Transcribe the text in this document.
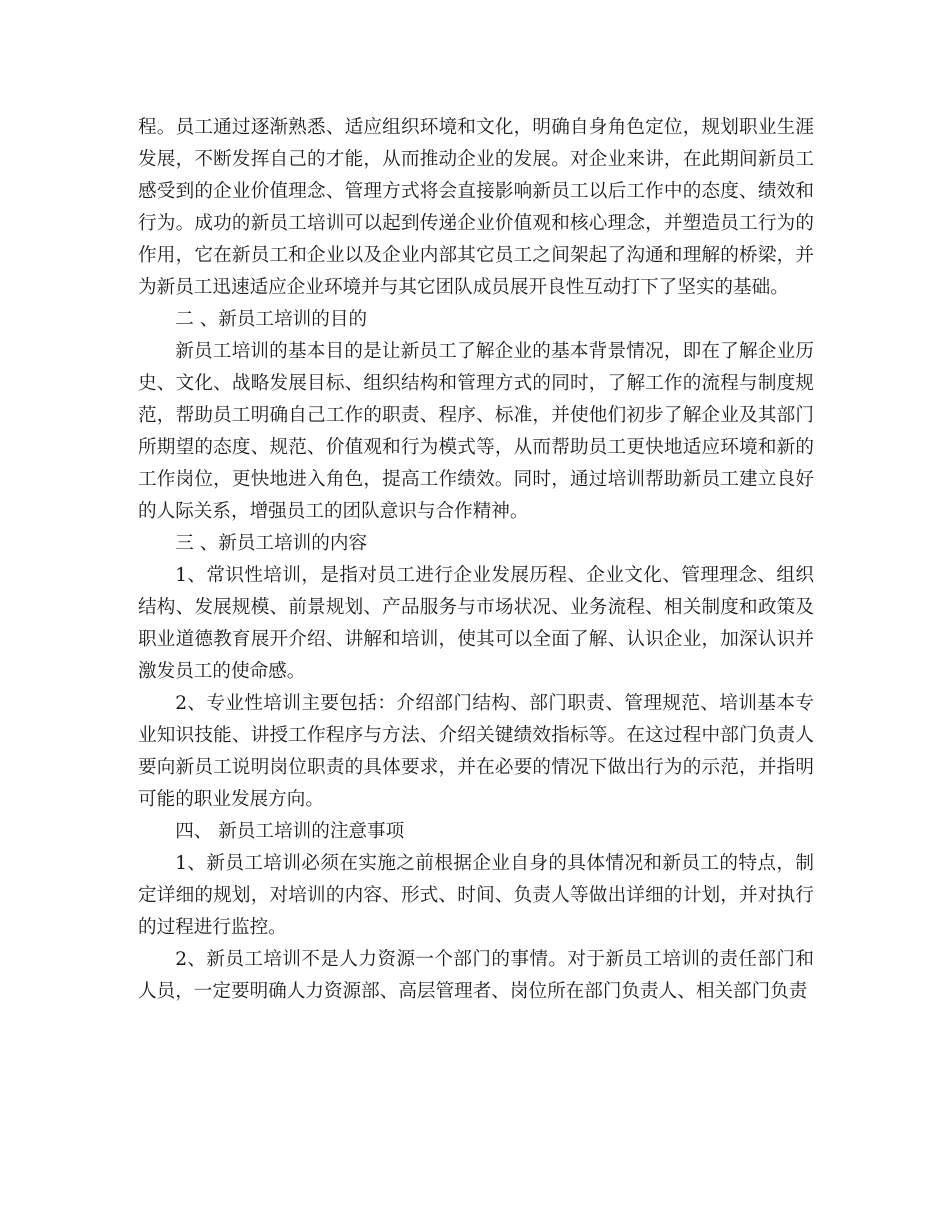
程。员工通过逐渐熟悉、适应组织环境和文化，明确自身角色定位，规划职业生涯发展，不断发挥自己的才能，从而推动企业的发展。对企业来讲，在此期间新员工感受到的企业价值理念、管理方式将会直接影响新员工以后工作中的态度、绩效和行为。成功的新员工培训可以起到传递企业价值观和核心理念，并塑造员工行为的作用，它在新员工和企业以及企业内部其它员工之间架起了沟通和理解的桥梁，并为新员工迅速适应企业环境并与其它团队成员展开良性互动打下了坚实的基础。

二 、新员工培训的目的

新员工培训的基本目的是让新员工了解企业的基本背景情况，即在了解企业历史、文化、战略发展目标、组织结构和管理方式的同时，了解工作的流程与制度规范，帮助员工明确自己工作的职责、程序、标准，并使他们初步了解企业及其部门所期望的态度、规范、价值观和行为模式等，从而帮助员工更快地适应环境和新的工作岗位，更快地进入角色，提高工作绩效。同时，通过培训帮助新员工建立良好的人际关系，增强员工的团队意识与合作精神。

三 、新员工培训的内容

1、常识性培训，是指对员工进行企业发展历程、企业文化、管理理念、组织结构、发展规模、前景规划、产品服务与市场状况、业务流程、相关制度和政策及职业道德教育展开介绍、讲解和培训，使其可以全面了解、认识企业，加深认识并激发员工的使命感。

2、专业性培训主要包括：介绍部门结构、部门职责、管理规范、培训基本专业知识技能、讲授工作程序与方法、介绍关键绩效指标等。在这过程中部门负责人要向新员工说明岗位职责的具体要求，并在必要的情况下做出行为的示范，并指明可能的职业发展方向。

四、 新员工培训的注意事项

1、新员工培训必须在实施之前根据企业自身的具体情况和新员工的特点，制定详细的规划，对培训的内容、形式、时间、负责人等做出详细的计划，并对执行的过程进行监控。

2、新员工培训不是人力资源一个部门的事情。对于新员工培训的责任部门和人员，一定要明确人力资源部、高层管理者、岗位所在部门负责人、相关部门负责
